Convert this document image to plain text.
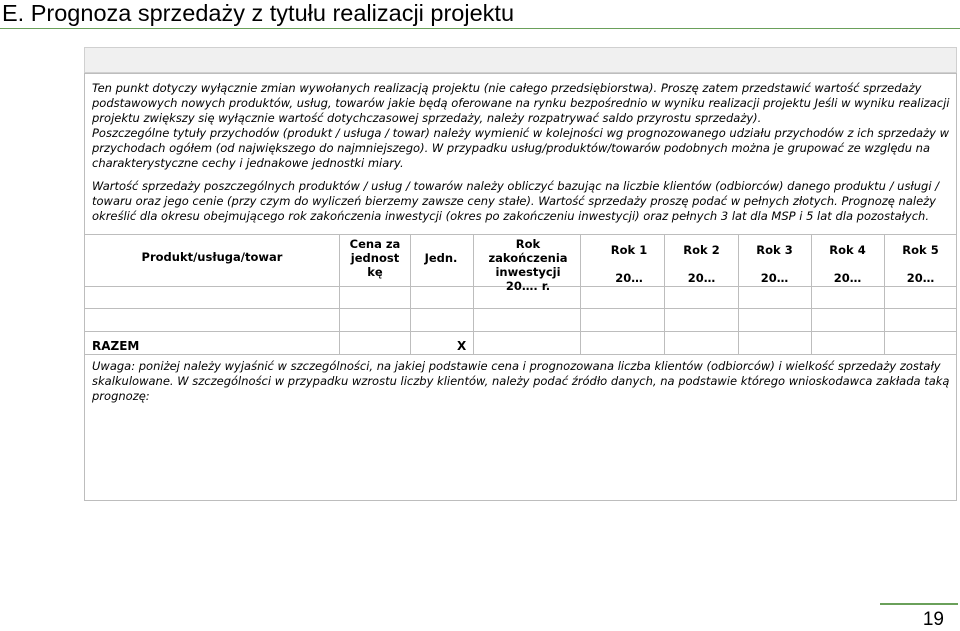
E. Prognoza sprzedaży z tytułu realizacji projektu

Ten punkt dotyczy wyłącznie zmian wywołanych realizacją projektu (nie całego przedsiębiorstwa). Proszę zatem przedstawić wartość sprzedaży podstawowych nowych produktów, usług, towarów jakie będą oferowane na rynku bezpośrednio w wyniku realizacji projektu Jeśli w wyniku realizacji projektu zwiększy się wyłącznie wartość dotychczasowej sprzedaży, należy rozpatrywać saldo przyrostu sprzedaży).

Poszczególne tytuły przychodów (produkt / usługa / towar) należy wymienić w kolejności wg prognozowanego udziału przychodów z ich sprzedaży w przychodach ogółem (od największego do najmniejszego). W przypadku usług/produktów/towarów podobnych można je grupować ze względu na charakterystyczne cechy i jednakowe jednostki miary.

Wartość sprzedaży poszczególnych produktów / usług / towarów należy obliczyć bazując na liczbie klientów (odbiorców) danego produktu / usługi / towaru oraz jego cenie (przy czym do wyliczeń bierzemy zawsze ceny stałe). Wartość sprzedaży proszę podać w pełnych złotych. Prognozę należy określić dla okresu obejmującego rok zakończenia inwestycji (okres po zakończeniu inwestycji) oraz pełnych 3 lat dla MSP i 5 lat dla pozostałych.

Produkt/usługa/towar
Cena za jednost kę
Jedn.
Rok zakończenia inwestycji
20…. r.
Rok 1

20…
Rok 2

20…
Rok 3

20…
Rok 4

20…
Rok 5

20…
RAZEM	X
Uwaga: poniżej należy wyjaśnić w szczególności, na jakiej podstawie cena i prognozowana liczba klientów (odbiorców) i wielkość sprzedaży zostały skalkulowane. W szczególności w przypadku wzrostu liczby klientów, należy podać źródło danych, na podstawie którego wnioskodawca zakłada taką prognozę:
19
